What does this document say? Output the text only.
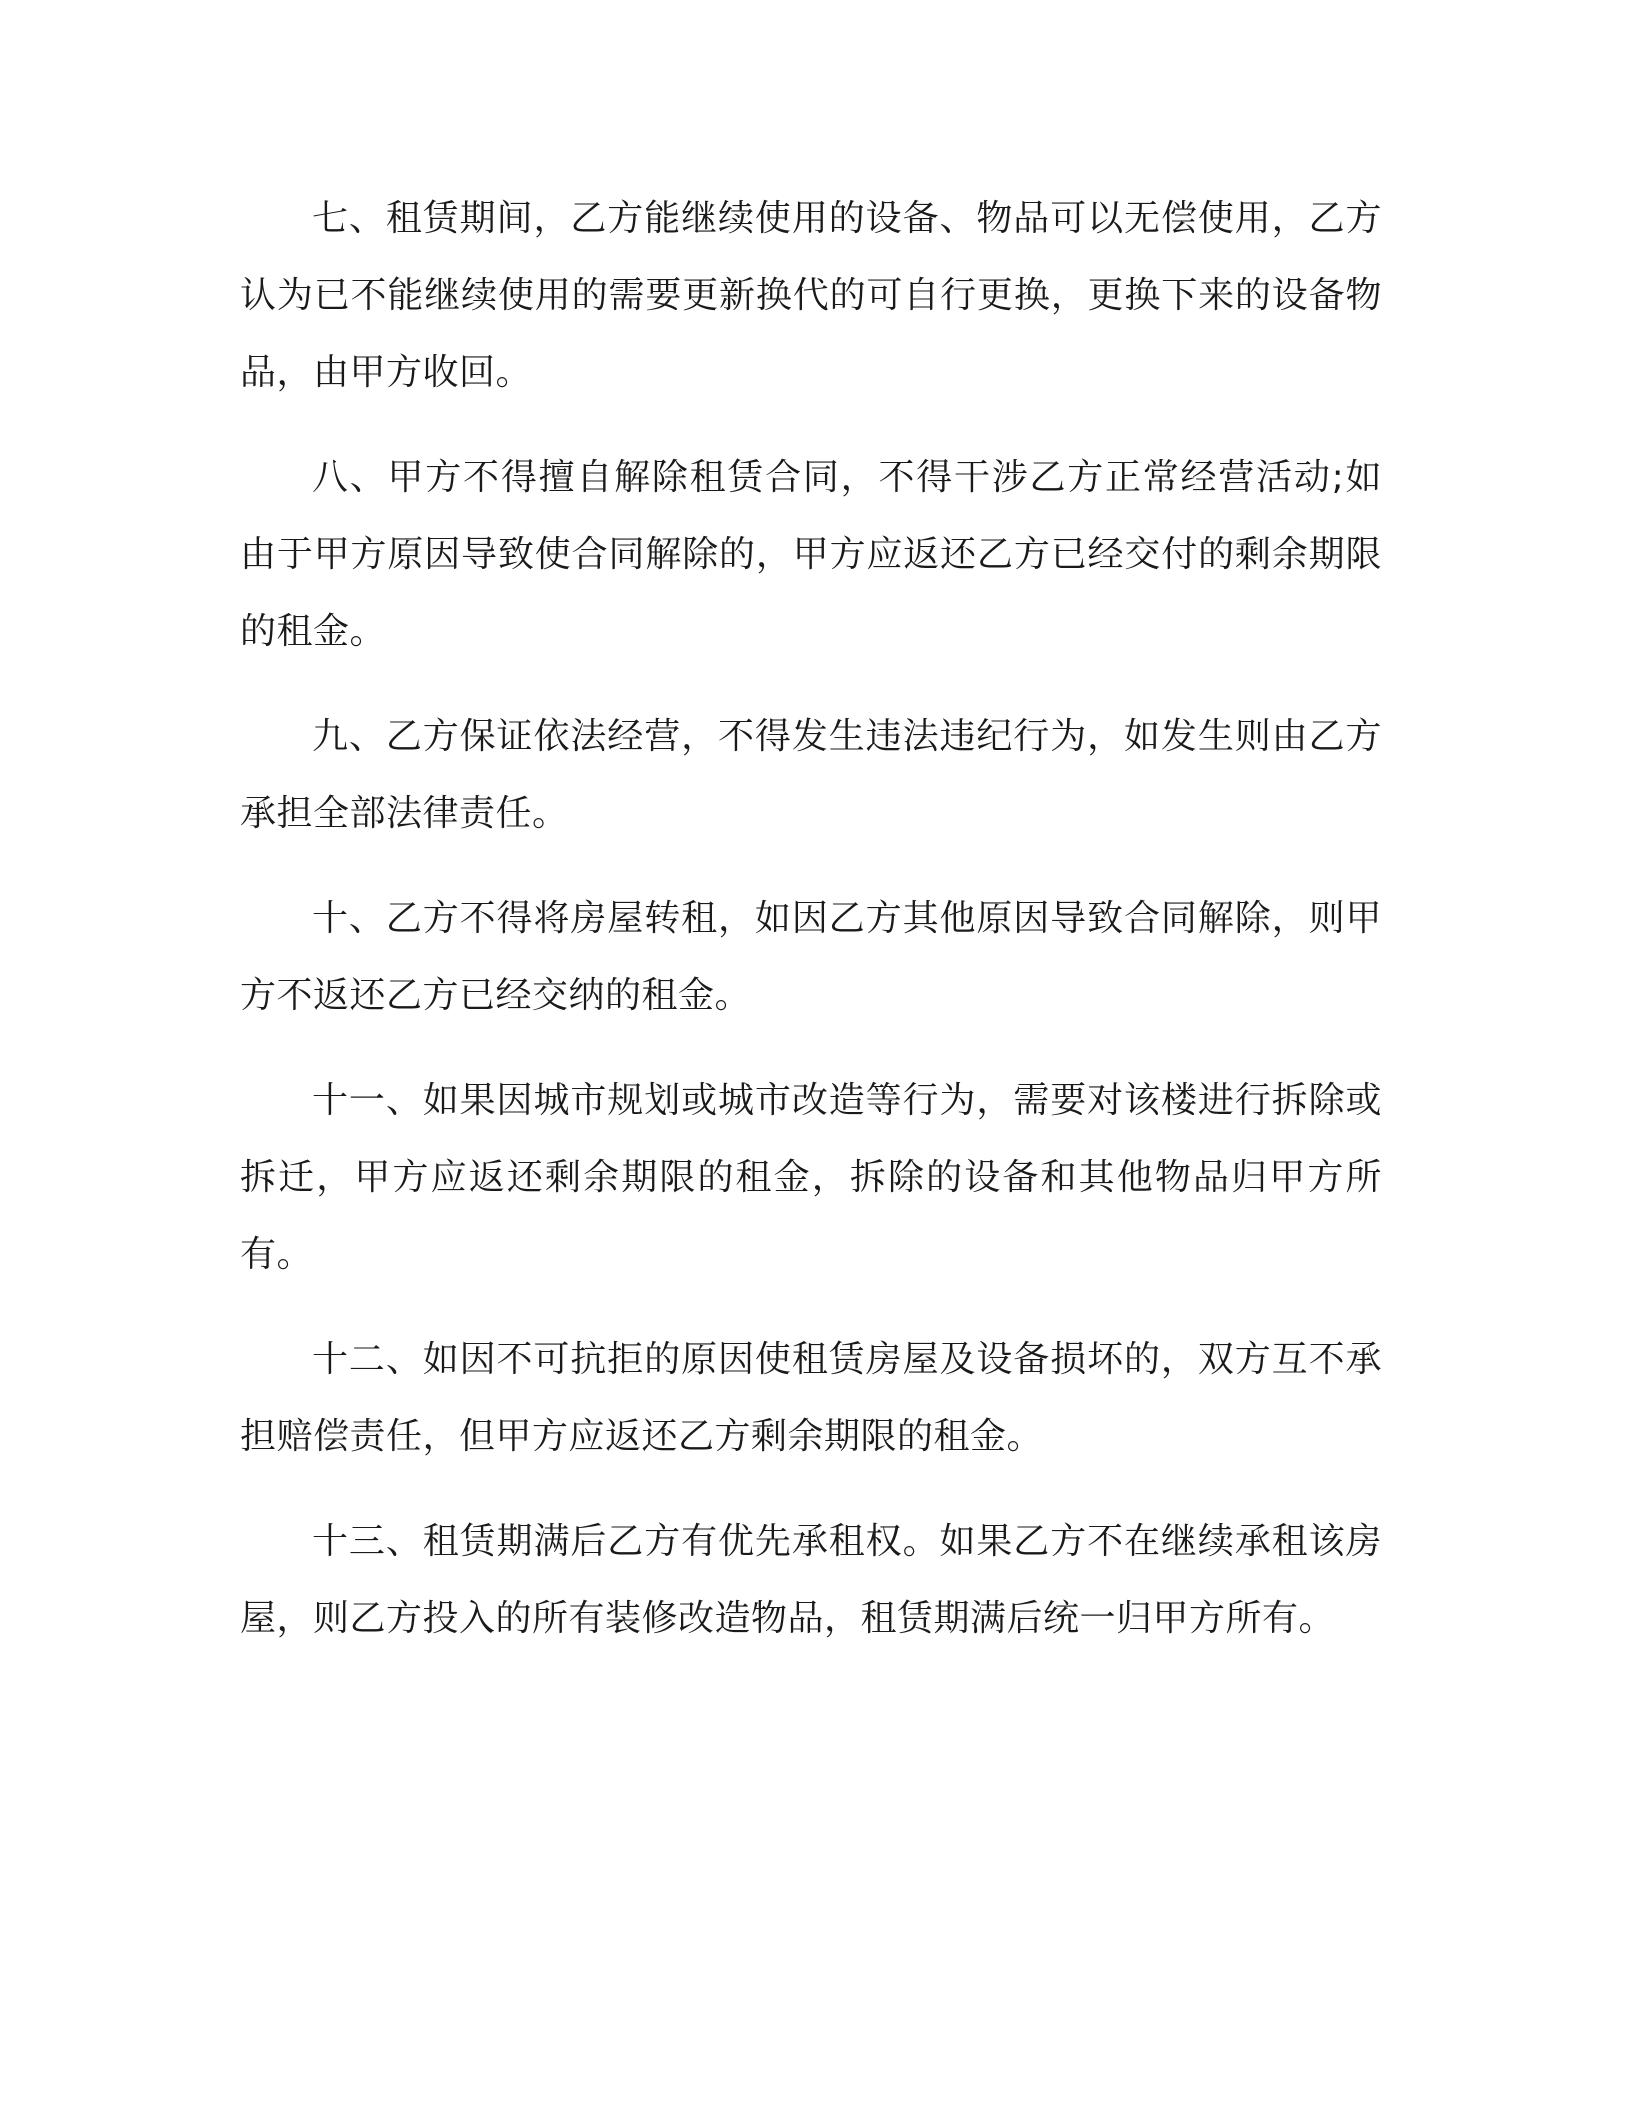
七、租赁期间，乙方能继续使用的设备、物品可以无偿使用，乙方认为已不能继续使用的需要更新换代的可自行更换，更换下来的设备物品，由甲方收回。

八、甲方不得擅自解除租赁合同，不得干涉乙方正常经营活动;如由于甲方原因导致使合同解除的，甲方应返还乙方已经交付的剩余期限的租金。

九、乙方保证依法经营，不得发生违法违纪行为，如发生则由乙方承担全部法律责任。

十、乙方不得将房屋转租，如因乙方其他原因导致合同解除，则甲方不返还乙方已经交纳的租金。

十一、如果因城市规划或城市改造等行为，需要对该楼进行拆除或拆迁，甲方应返还剩余期限的租金，拆除的设备和其他物品归甲方所有。

十二、如因不可抗拒的原因使租赁房屋及设备损坏的，双方互不承担赔偿责任，但甲方应返还乙方剩余期限的租金。

十三、租赁期满后乙方有优先承租权。如果乙方不在继续承租该房屋，则乙方投入的所有装修改造物品，租赁期满后统一归甲方所有。
